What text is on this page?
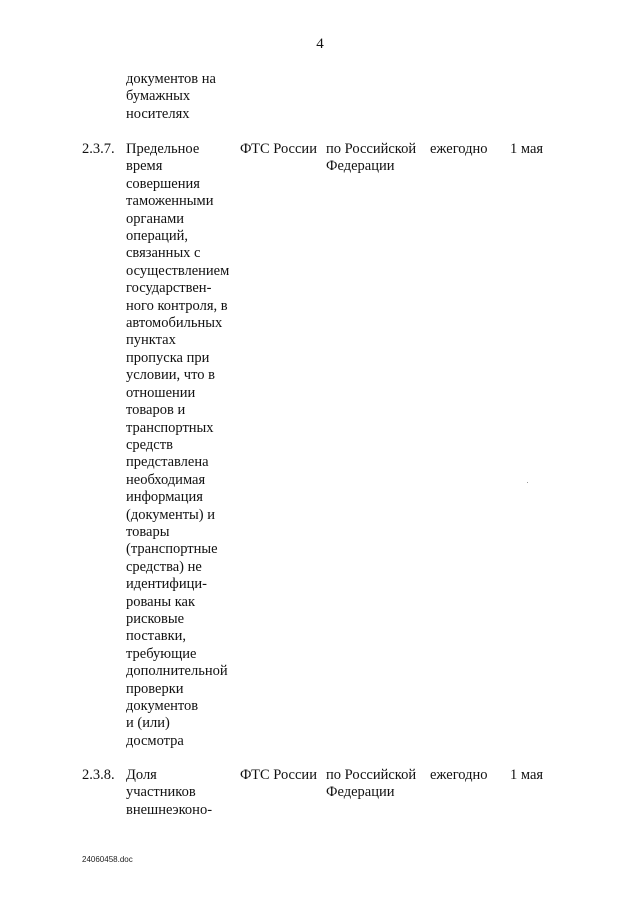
4
документов на
бумажных
носителях
2.3.7. Предельное
время
совершения
таможенными
органами
операций,
связанных с
осуществлением
государствен-
ного контроля, в
автомобильных
пунктах
пропуска при
условии, что в
отношении
товаров и
транспортных
средств
представлена
необходимая
информация
(документы) и
товары
(транспортные
средства) не
идентифици-
рованы как
рисковые
поставки,
требующие
дополнительной
проверки
документов
и (или)
досмотра
ФТС России по Российской
Федерации
ежегодно 1 мая
2.3.8. Доля
участников
внешнеэконо-
ФТС России по Российской
Федерации
ежегодно 1 мая
24060458.doc
